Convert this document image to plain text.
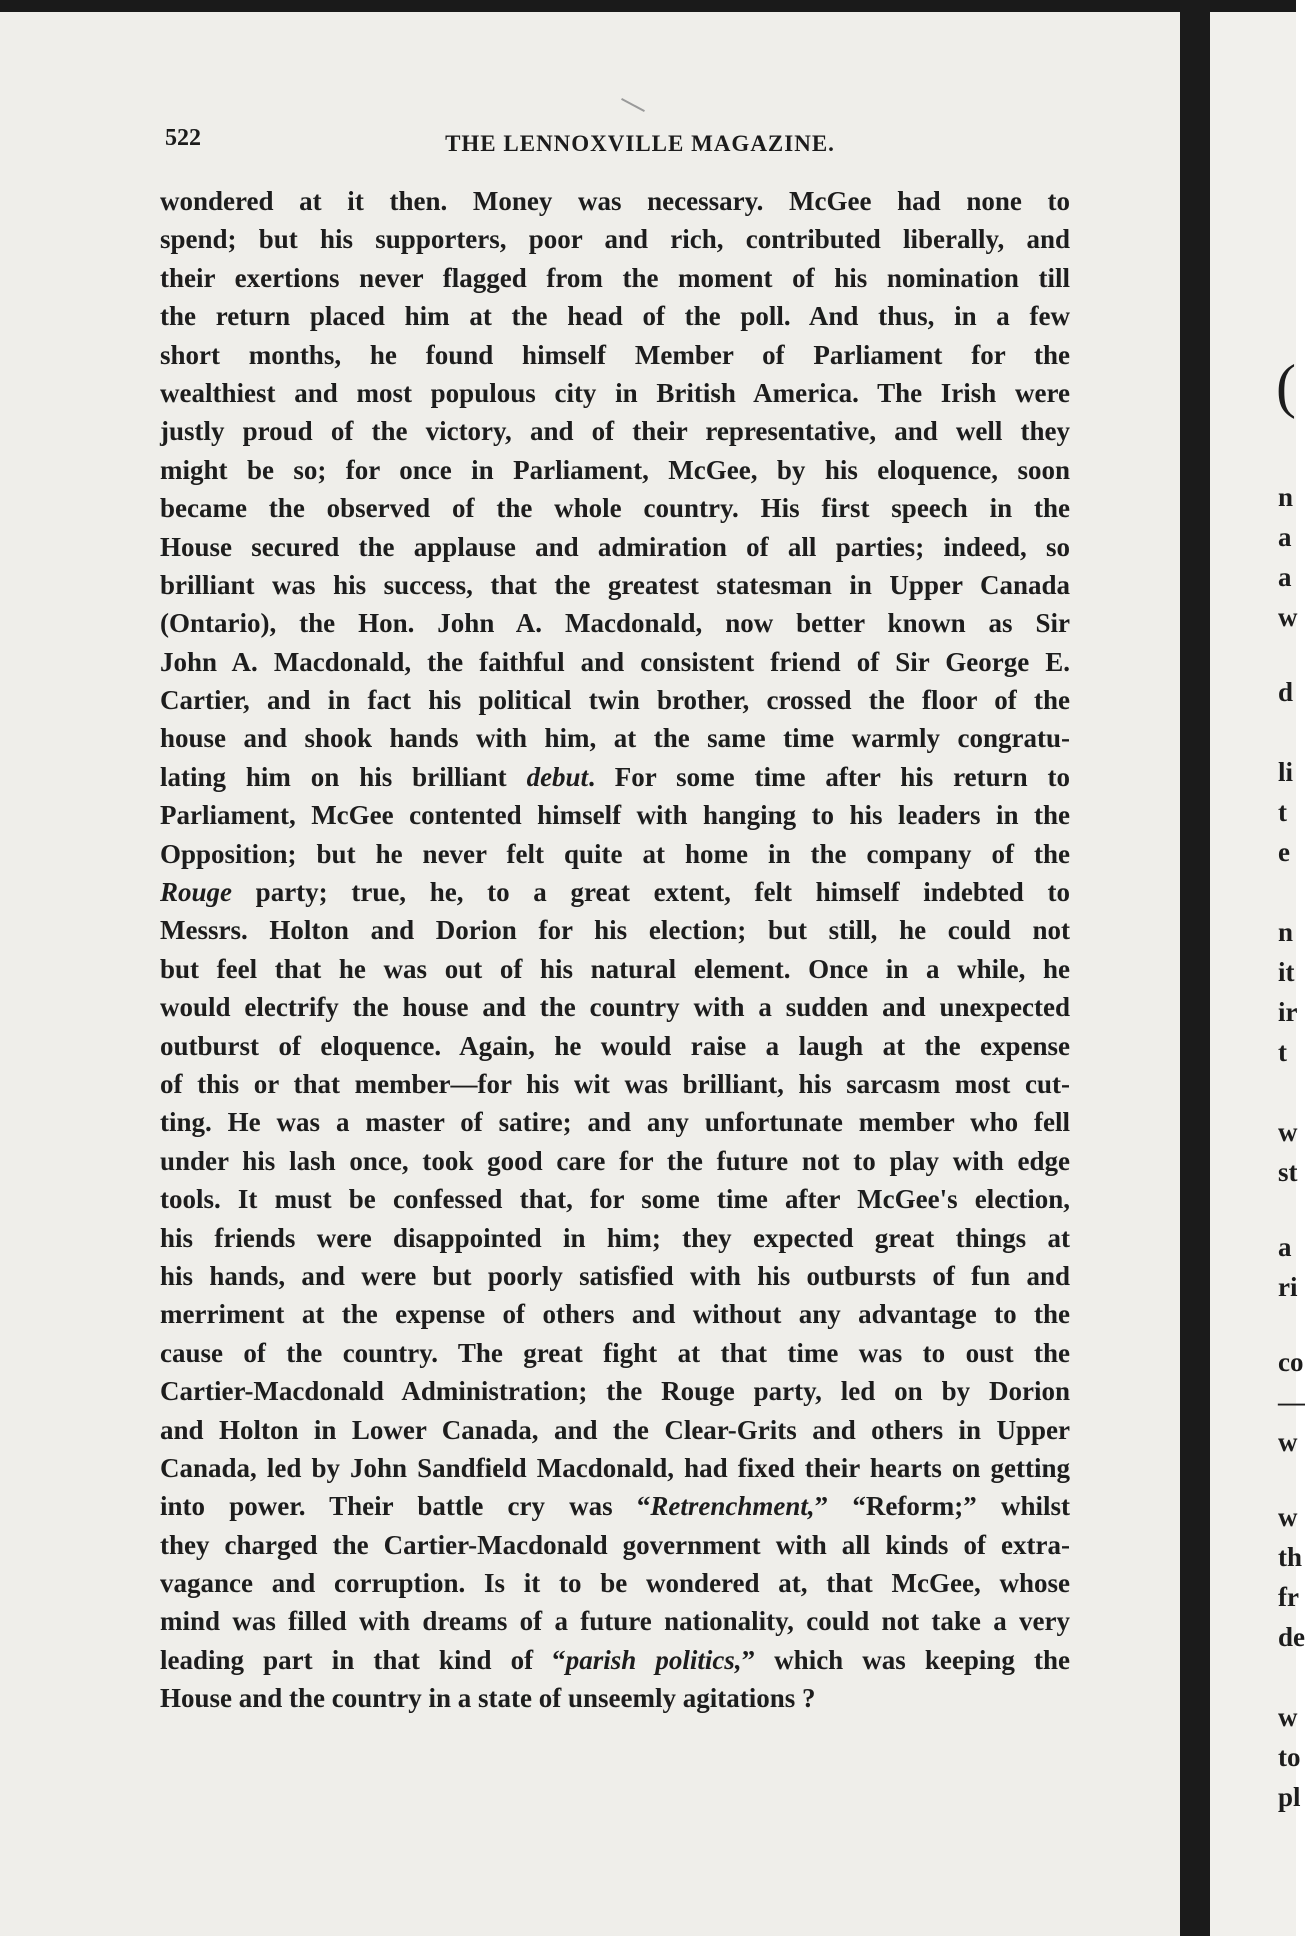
522	THE LENNOXVILLE MAGAZINE.
wondered at it then. Money was necessary. McGee had none to
spend; but his supporters, poor and rich, contributed liberally, and
their exertions never flagged from the moment of his nomination till
the return placed him at the head of the poll. And thus, in a few
short months, he found himself Member of Parliament for the
wealthiest and most populous city in British America. The Irish were
justly proud of the victory, and of their representative, and well they
might be so; for once in Parliament, McGee, by his eloquence, soon
became the observed of the whole country. His first speech in the
House secured the applause and admiration of all parties; indeed, so
brilliant was his success, that the greatest statesman in Upper Canada
(Ontario), the Hon. John A. Macdonald, now better known as Sir
John A. Macdonald, the faithful and consistent friend of Sir George E.
Cartier, and in fact his political twin brother, crossed the floor of the
house and shook hands with him, at the same time warmly congratu-
lating him on his brilliant debut. For some time after his return to
Parliament, McGee contented himself with hanging to his leaders in the
Opposition; but he never felt quite at home in the company of the
Rouge party; true, he, to a great extent, felt himself indebted to
Messrs. Holton and Dorion for his election; but still, he could not
but feel that he was out of his natural element. Once in a while, he
would electrify the house and the country with a sudden and unexpected
outburst of eloquence. Again, he would raise a laugh at the expense
of this or that member—for his wit was brilliant, his sarcasm most cut-
ting. He was a master of satire; and any unfortunate member who fell
under his lash once, took good care for the future not to play with edge
tools. It must be confessed that, for some time after McGee's election,
his friends were disappointed in him; they expected great things at
his hands, and were but poorly satisfied with his outbursts of fun and
merriment at the expense of others and without any advantage to the
cause of the country. The great fight at that time was to oust the
Cartier-Macdonald Administration; the Rouge party, led on by Dorion
and Holton in Lower Canada, and the Clear-Grits and others in Upper
Canada, led by John Sandfield Macdonald, had fixed their hearts on getting
into power. Their battle cry was “Retrenchment,” “Reform;” whilst
they charged the Cartier-Macdonald government with all kinds of extra-
vagance and corruption. Is it to be wondered at, that McGee, whose
mind was filled with dreams of a future nationality, could not take a very
leading part in that kind of “parish politics,” which was keeping the
House and the country in a state of unseemly agitations ?
(
n
a
a
w
d
li
t
e
n
it
ir
t
w
st
a
ri
co
—
w
w
th
fr
de
w
to
pl
